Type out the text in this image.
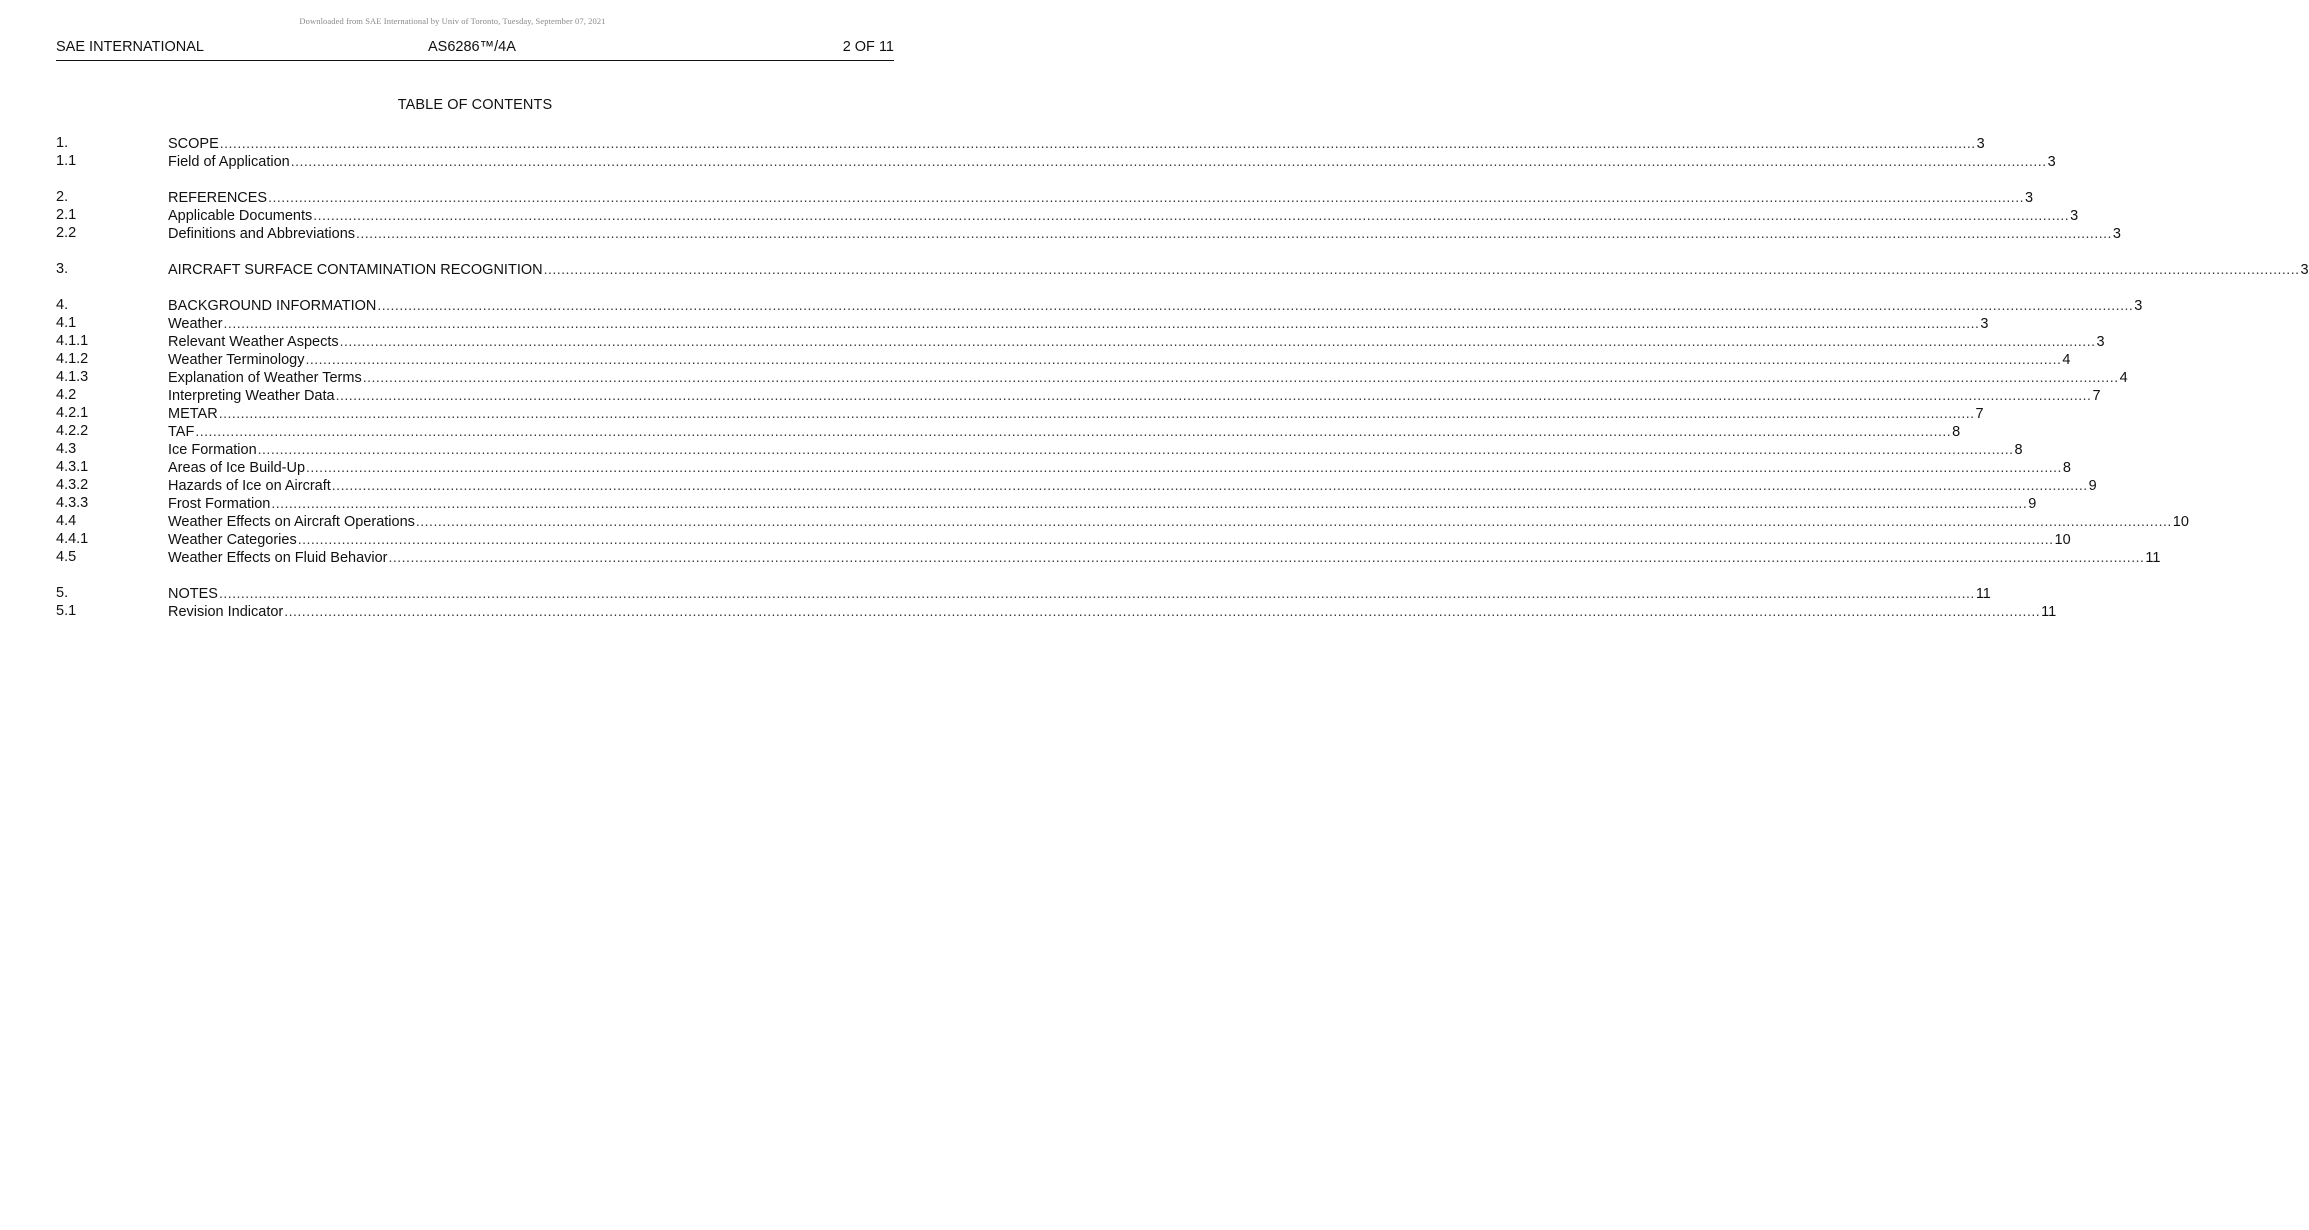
Downloaded from SAE International by Univ of Toronto, Tuesday, September 07, 2021
SAE INTERNATIONAL	AS6286™/4A	2 OF 11
TABLE OF CONTENTS
1.	SCOPE ................................................................................................................................................................................................................................................................................................................................................................................................................ 3
1.1	Field of Application ................................................................................................................................................................................................................................................................................................................................................................................................................ 3
2.	REFERENCES ................................................................................................................................................................................................................................................................................................................................................................................................................ 3
2.1	Applicable Documents ................................................................................................................................................................................................................................................................................................................................................................................................................ 3
2.2	Definitions and Abbreviations ................................................................................................................................................................................................................................................................................................................................................................................................................ 3
3.	AIRCRAFT SURFACE CONTAMINATION RECOGNITION ................................................................................................................................................................................................................................................................................................................................................................................................................ 3
4.	BACKGROUND INFORMATION ................................................................................................................................................................................................................................................................................................................................................................................................................ 3
4.1	Weather ................................................................................................................................................................................................................................................................................................................................................................................................................ 3
4.1.1	Relevant Weather Aspects ................................................................................................................................................................................................................................................................................................................................................................................................................ 3
4.1.2	Weather Terminology ................................................................................................................................................................................................................................................................................................................................................................................................................ 4
4.1.3	Explanation of Weather Terms ................................................................................................................................................................................................................................................................................................................................................................................................................ 4
4.2	Interpreting Weather Data ................................................................................................................................................................................................................................................................................................................................................................................................................ 7
4.2.1	METAR ................................................................................................................................................................................................................................................................................................................................................................................................................ 7
4.2.2	TAF ................................................................................................................................................................................................................................................................................................................................................................................................................ 8
4.3	Ice Formation ................................................................................................................................................................................................................................................................................................................................................................................................................ 8
4.3.1	Areas of Ice Build-Up ................................................................................................................................................................................................................................................................................................................................................................................................................ 8
4.3.2	Hazards of Ice on Aircraft ................................................................................................................................................................................................................................................................................................................................................................................................................ 9
4.3.3	Frost Formation ................................................................................................................................................................................................................................................................................................................................................................................................................ 9
4.4	Weather Effects on Aircraft Operations ................................................................................................................................................................................................................................................................................................................................................................................................................ 10
4.4.1	Weather Categories ................................................................................................................................................................................................................................................................................................................................................................................................................ 10
4.5	Weather Effects on Fluid Behavior ................................................................................................................................................................................................................................................................................................................................................................................................................ 11
5.	NOTES ................................................................................................................................................................................................................................................................................................................................................................................................................ 11
5.1	Revision Indicator ................................................................................................................................................................................................................................................................................................................................................................................................................ 11
